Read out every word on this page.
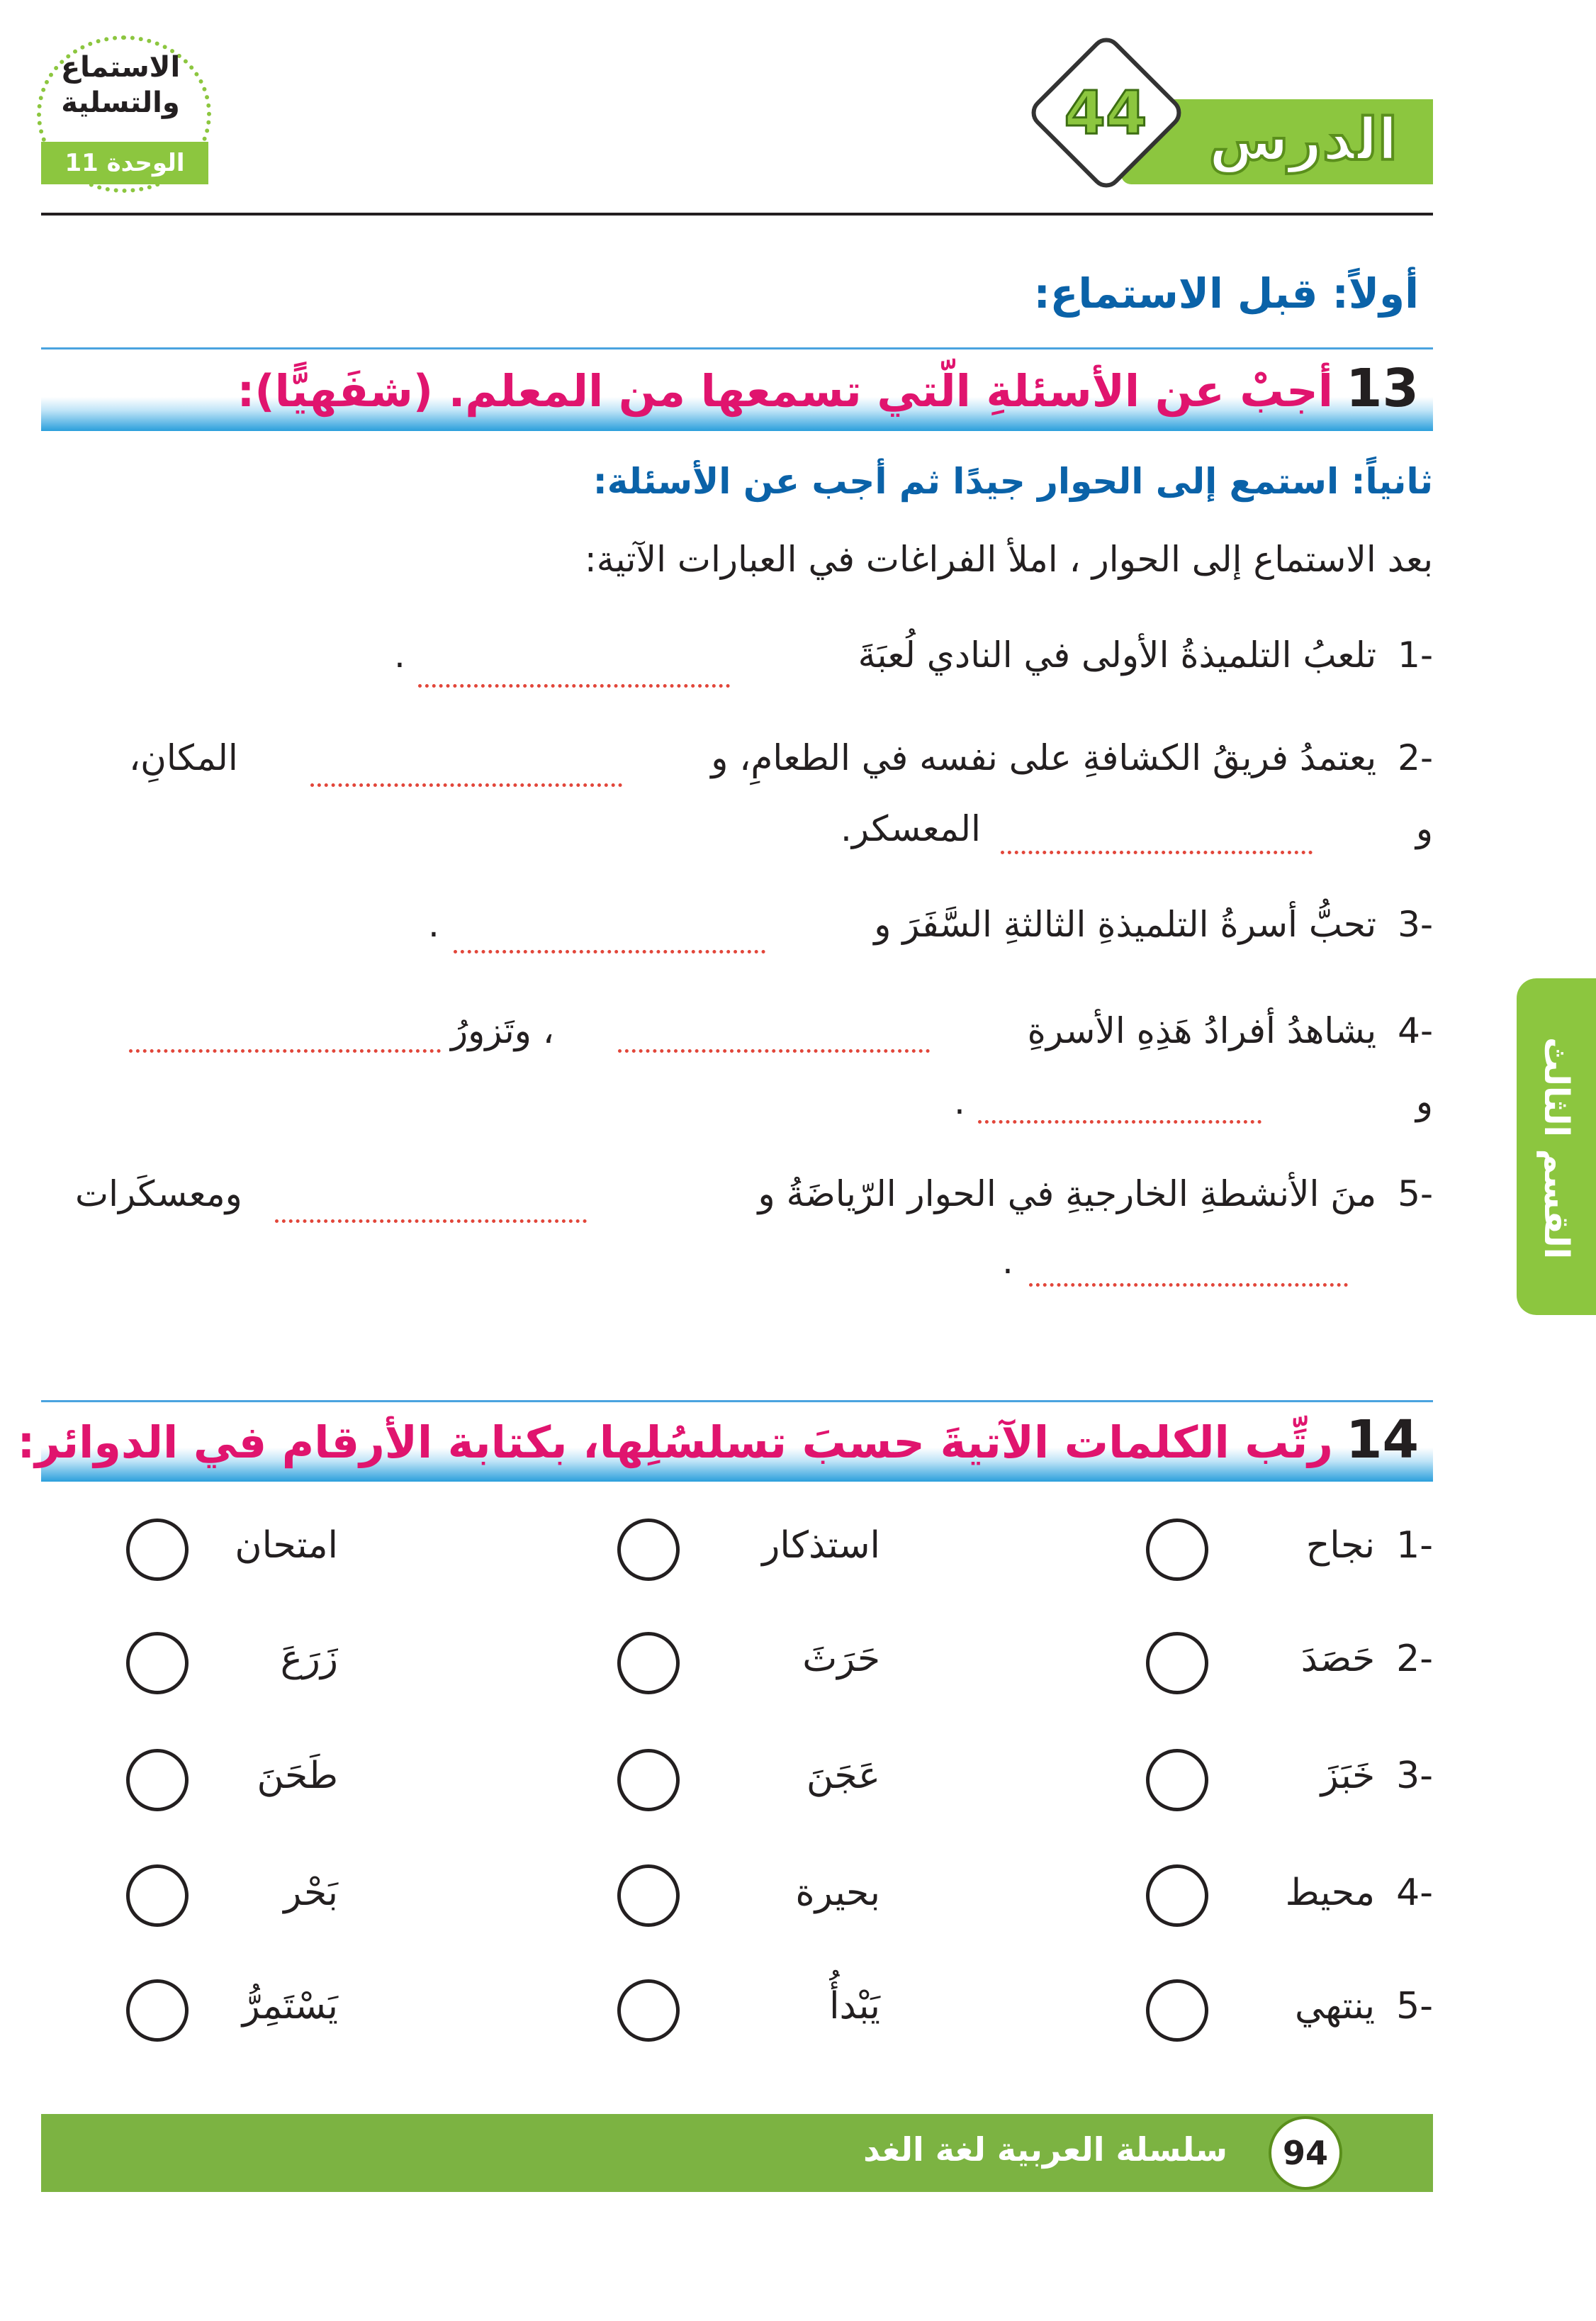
الدرس
44
الاستماع
والتسلية
الوحدة 11
أولاً: قبل الاستماع:
13أجبْ عن الأسئلةِ الّتي تسمعها من المعلم. (شفَهيًّا):
ثانياً: استمع إلى الحوار جيدًا ثم أجب عن الأسئلة:
بعد الاستماع إلى الحوار ، املأ الفراغات في العبارات الآتية:
-1تلعبُ التلميذةُ الأولى في النادي لُعبَةَ
.
-2يعتمدُ فريقُ الكشافةِ على نفسه في الطعامِ، و
المكانِ،
و
المعسكر.
-3تحبُّ أسرةُ التلميذةِ الثالثةِ السَّفَرَ و
.
-4يشاهدُ أفرادُ هَذِهِ الأسرةِ
، وتَزورُ
و
.
-5منَ الأنشطةِ الخارجيةِ في الحوار الرّياضَةُ و
ومعسكَرات
.
14رتِّب الكلمات الآتيةَ حسبَ تسلسُلِها، بكتابة الأرقام في الدوائر:
-1نجاح
استذكار
امتحان
-2حَصَدَ
حَرَثَ
زَرَعَ
-3خَبَزَ
عَجَنَ
طَحَنَ
-4محيط
بحيرة
بَحْر
-5ينتهي
يَبْدأُ
يَسْتَمِرُّ
القسم الثالث
سلسلة العربية لغة الغد	94
